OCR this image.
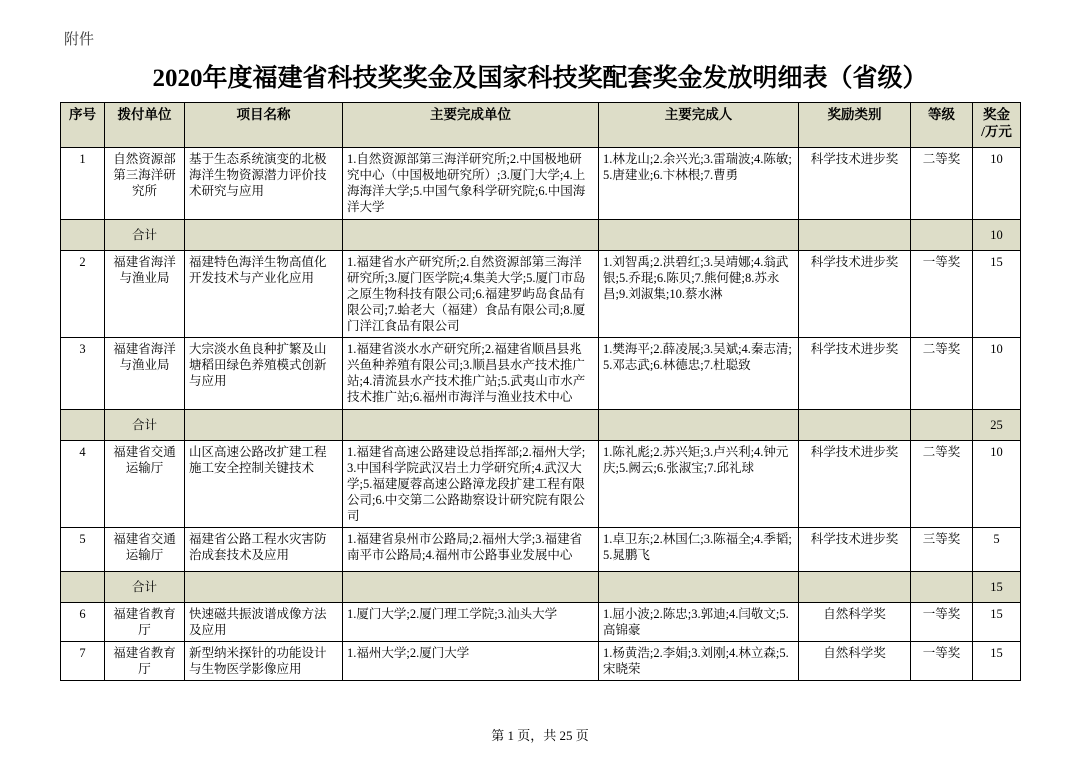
附件
2020年度福建省科技奖奖金及国家科技奖配套奖金发放明细表（省级）
序号	拨付单位	项目名称	主要完成单位	主要完成人	奖励类别	等级	奖金
/万元

1	自然资源部第三海洋研究所	基于生态系统演变的北极海洋生物资源潜力评价技术研究与应用	1.自然资源部第三海洋研究所;2.中国极地研究中心（中国极地研究所）;3.厦门大学;4.上海海洋大学;5.中国气象科学研究院;6.中国海洋大学	1.林龙山;2.余兴光;3.雷瑞波;4.陈敏;5.唐建业;6.卞林根;7.曹勇	科学技术进步奖	二等奖	10
	合计						10
2	福建省海洋与渔业局	福建特色海洋生物高值化开发技术与产业化应用	1.福建省水产研究所;2.自然资源部第三海洋研究所;3.厦门医学院;4.集美大学;5.厦门市岛之原生物科技有限公司;6.福建罗屿岛食品有限公司;7.蛤老大（福建）食品有限公司;8.厦门洋江食品有限公司	1.刘智禹;2.洪碧红;3.吴靖娜;4.翁武银;5.乔琨;6.陈贝;7.熊何健;8.苏永昌;9.刘淑集;10.蔡水淋	科学技术进步奖	一等奖	15
3	福建省海洋与渔业局	大宗淡水鱼良种扩繁及山塘稻田绿色养殖模式创新与应用	1.福建省淡水水产研究所;2.福建省顺昌县兆兴鱼种养殖有限公司;3.顺昌县水产技术推广站;4.清流县水产技术推广站;5.武夷山市水产技术推广站;6.福州市海洋与渔业技术中心	1.樊海平;2.薛凌展;3.吴斌;4.秦志清;5.邓志武;6.林德忠;7.杜聪致	科学技术进步奖	二等奖	10
	合计						25
4	福建省交通运输厅	山区高速公路改扩建工程施工安全控制关键技术	1.福建省高速公路建设总指挥部;2.福州大学;3.中国科学院武汉岩土力学研究所;4.武汉大学;5.福建厦蓉高速公路漳龙段扩建工程有限公司;6.中交第二公路勘察设计研究院有限公司	1.陈礼彪;2.苏兴矩;3.卢兴利;4.钟元庆;5.阙云;6.张淑宝;7.邱礼球	科学技术进步奖	二等奖	10
5	福建省交通运输厅	福建省公路工程水灾害防治成套技术及应用	1.福建省泉州市公路局;2.福州大学;3.福建省南平市公路局;4.福州市公路事业发展中心	1.卓卫东;2.林国仁;3.陈福全;4.季韬;5.晁鹏飞	科学技术进步奖	三等奖	5
	合计						15
6	福建省教育厅	快速磁共振波谱成像方法及应用	1.厦门大学;2.厦门理工学院;3.汕头大学	1.屈小波;2.陈忠;3.郭迪;4.闫敬文;5.高锦豪	自然科学奖	一等奖	15
7	福建省教育厅	新型纳米探针的功能设计与生物医学影像应用	1.福州大学;2.厦门大学	1.杨黄浩;2.李娟;3.刘刚;4.林立森;5.宋晓荣	自然科学奖	一等奖	15
第 1 页，共 25 页
